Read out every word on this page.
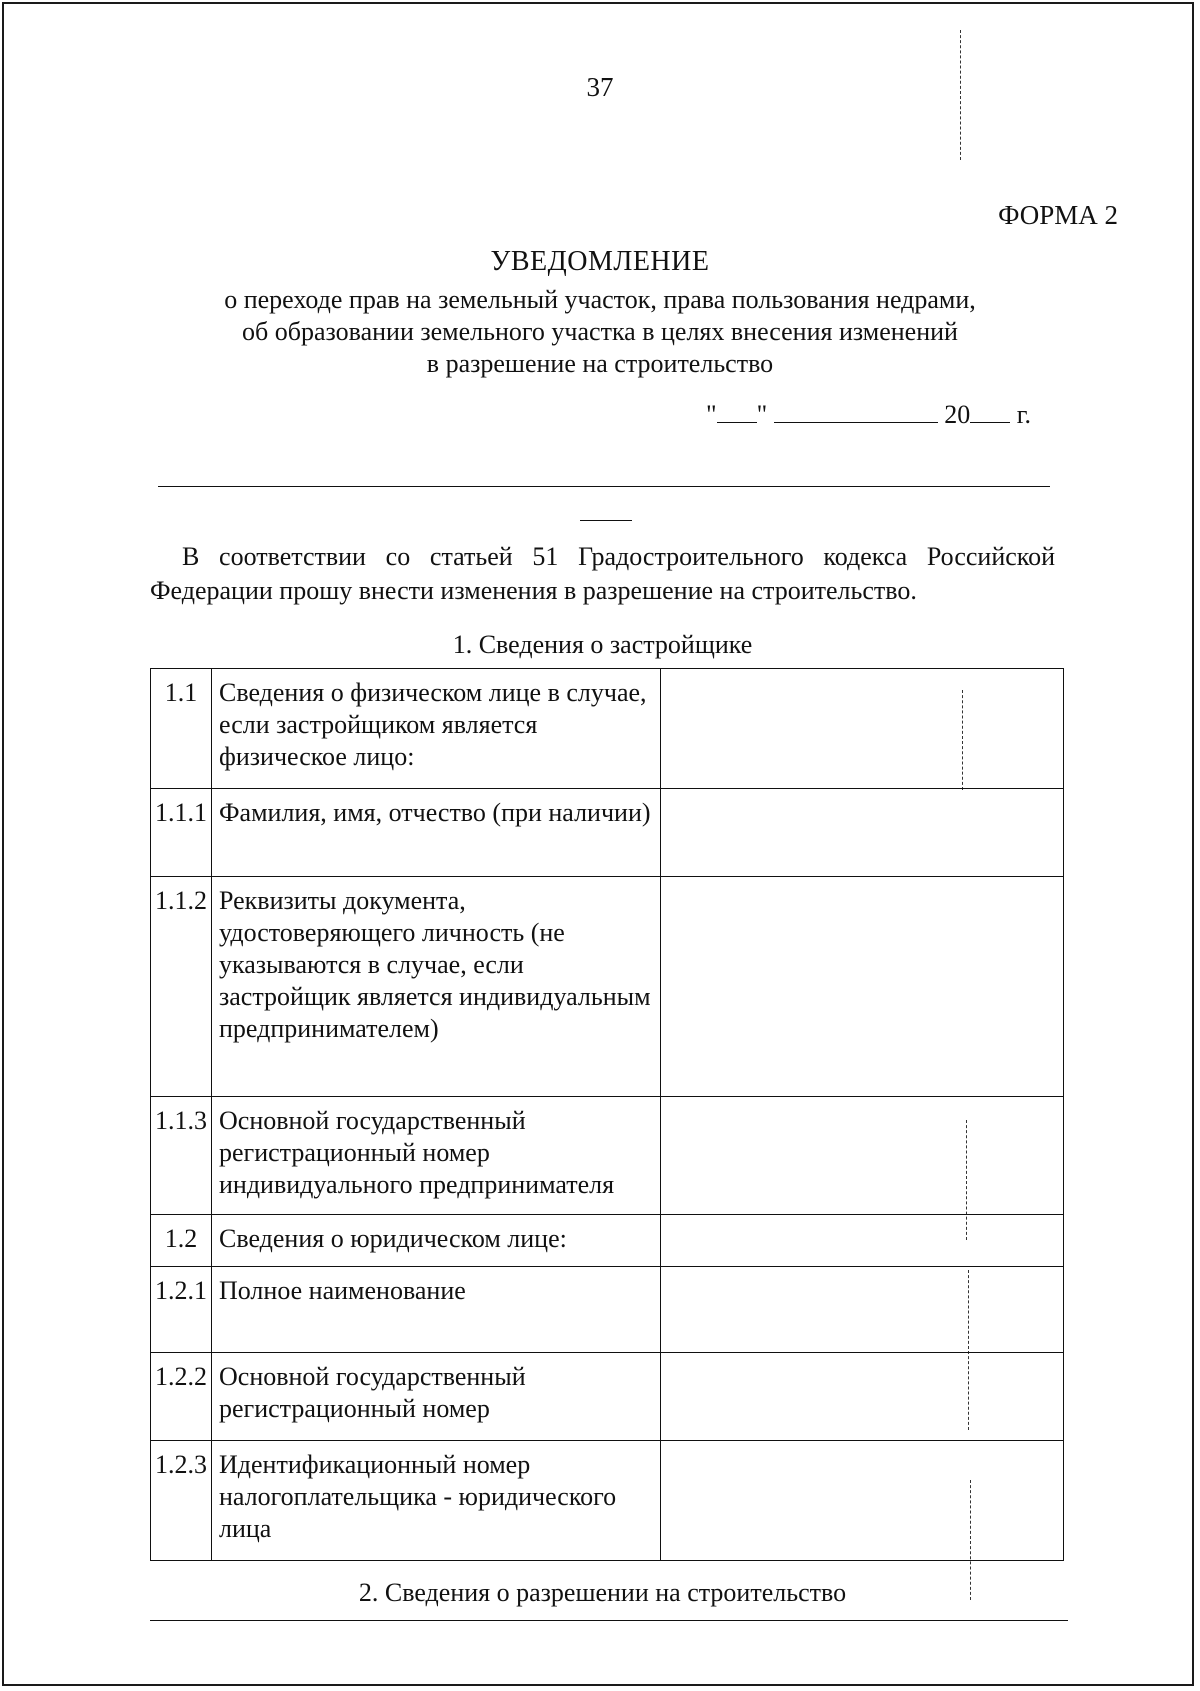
37
ФОРМА 2
УВЕДОМЛЕНИЕ
о переходе прав на земельный участок, права пользования недрами,
об образовании земельного участка в целях внесения изменений
в разрешение на строительство
" "	20 г.
В соответствии со статьей 51 Градостроительного кодекса Российской Федерации прошу внести изменения в разрешение на строительство.
1. Сведения о застройщике
1.1	Сведения о физическом лице в случае, если застройщиком является физическое лицо:	
1.1.1	Фамилия, имя, отчество (при наличии)	
1.1.2	Реквизиты документа, удостоверяющего личность (не указываются в случае, если застройщик является индивидуальным предпринимателем)	
1.1.3	Основной государственный регистрационный номер индивидуального предпринимателя	
1.2	Сведения о юридическом лице:	
1.2.1	Полное наименование	
1.2.2	Основной государственный регистрационный номер	
1.2.3	Идентификационный номер налогоплательщика - юридического лица	
2. Сведения о разрешении на строительство
